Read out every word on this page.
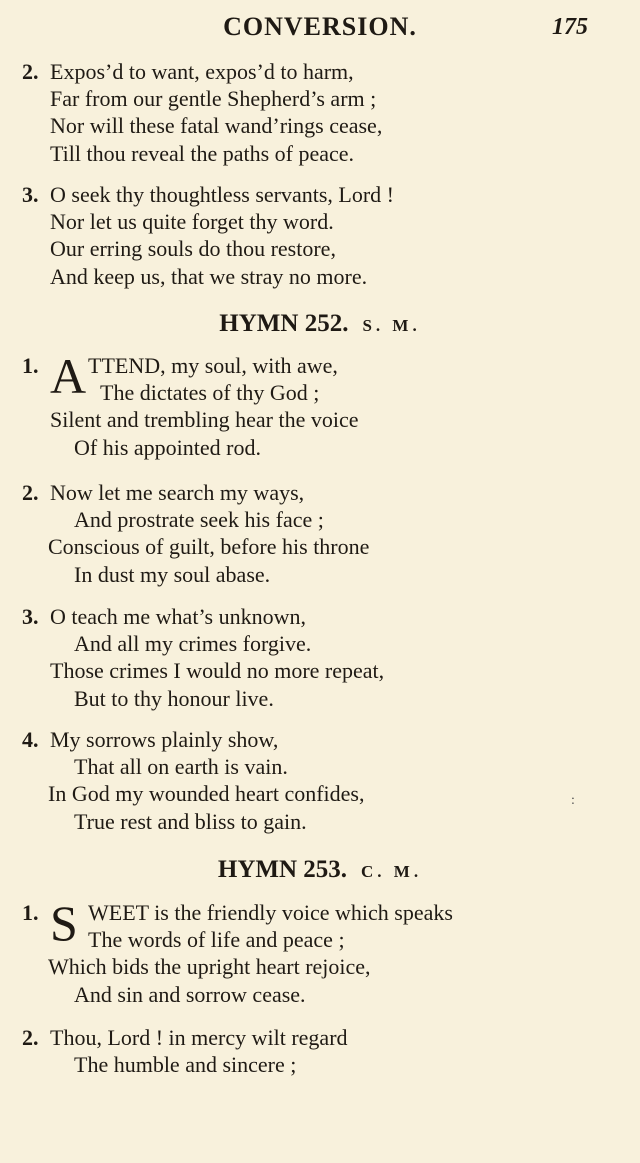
CONVERSION.	175
2. Expos’d to want, expos’d to harm,
Far from our gentle Shepherd’s arm ;
Nor will these fatal wand’rings cease,
Till thou reveal the paths of peace.
3. O seek thy thoughtless servants, Lord !
Nor let us quite forget thy word.
Our erring souls do thou restore,
And keep us, that we stray no more.
HYMN 252. S. M.
1. A TTEND, my soul, with awe,
The dictates of thy God ;
Silent and trembling hear the voice
Of his appointed rod.
2. Now let me search my ways,
And prostrate seek his face ;
Conscious of guilt, before his throne
In dust my soul abase.
3. O teach me what’s unknown,
And all my crimes forgive.
Those crimes I would no more repeat,
But to thy honour live.
4. My sorrows plainly show,
That all on earth is vain.
In God my wounded heart confides,
True rest and bliss to gain.
:
HYMN 253. C. M.
1. S WEET is the friendly voice which speaks
The words of life and peace ;
Which bids the upright heart rejoice,
And sin and sorrow cease.
2. Thou, Lord ! in mercy wilt regard
The humble and sincere ;
